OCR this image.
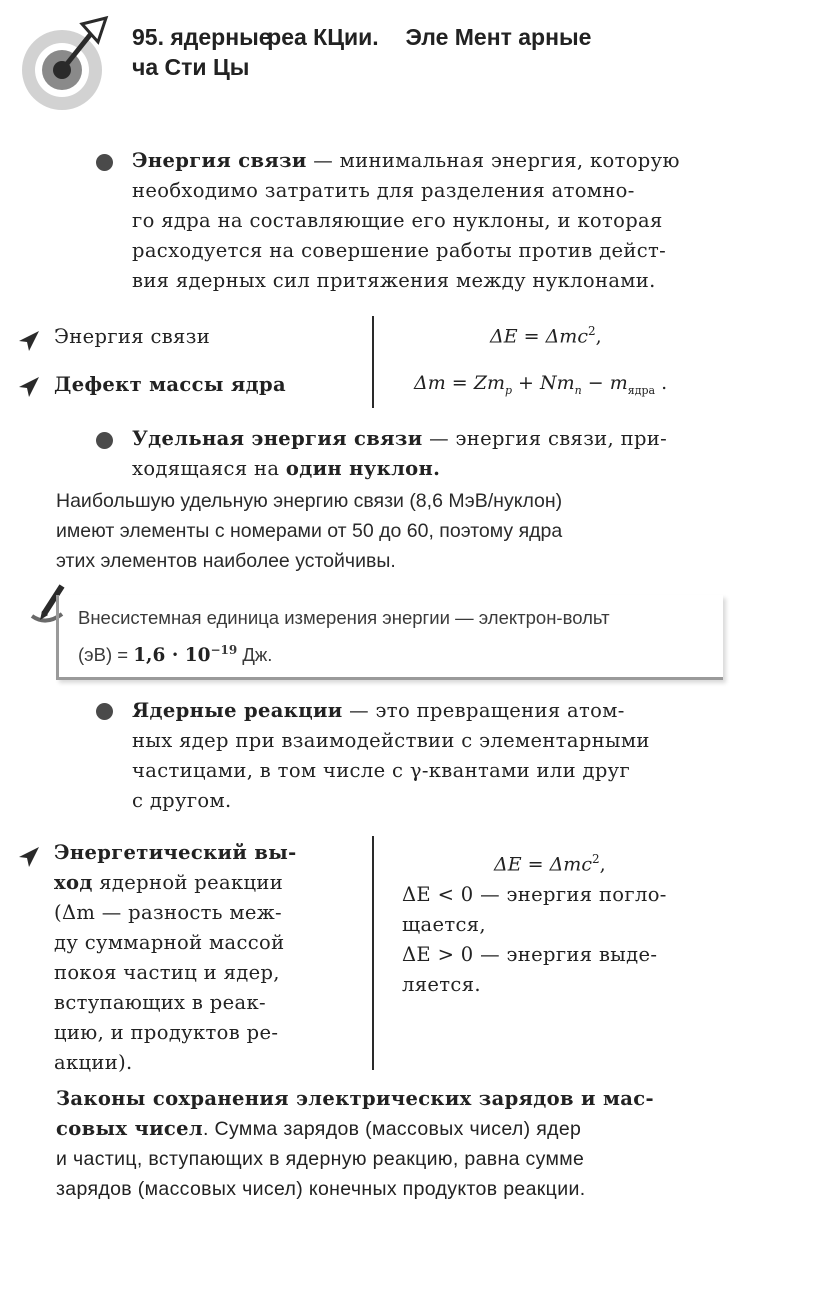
95. ядерные  реа КЦии. Эле Мент арные
ча Сти Цы
Энергия связи — минимальная энергия, которую
необходимо затратить для разделения атомно-
го ядра на составляющие его нуклоны, и которая
расходуется на совершение работы против дейст-
вия ядерных сил притяжения между нуклонами.
Энергия связи
Дефект массы ядра
ΔE = Δmc$^2$,
$\Delta m = Zm_p + Nm_n - m_{ядра}$ .
Удельная энергия связи — энергия связи, при-
ходящаяся на один нуклон.
Наибольшую удельную энергию связи (8,6 МэВ/нуклон)
имеют элементы с номерами от 50 до 60, поэтому ядра
этих элементов наиболее устойчивы.
Внесистемная единица измерения энергии — электрон-вольт
$(эВ) = 1,6 \cdot 10^{-19}$ Дж.
Ядерные реакции — это превращения атом-
ных ядер при взаимодействии с элементарными
частицами, в том числе с γ-квантами или друг
с другом.
Энергетический вы-
ход ядерной реакции
(Δm — разность меж-
ду суммарной массой
покоя частиц и ядер,
вступающих в реак-
цию, и продуктов ре-
акции).
ΔE = Δmc$^2$,
ΔE < 0 — энергия погло-
щается,
ΔE > 0 — энергия выде-
ляется.
Законы сохранения электрических зарядов и мас-
совых чисел. Сумма зарядов (массовых чисел) ядер
и частиц, вступающих в ядерную реакцию, равна сумме
зарядов (массовых чисел) конечных продуктов реакции.
